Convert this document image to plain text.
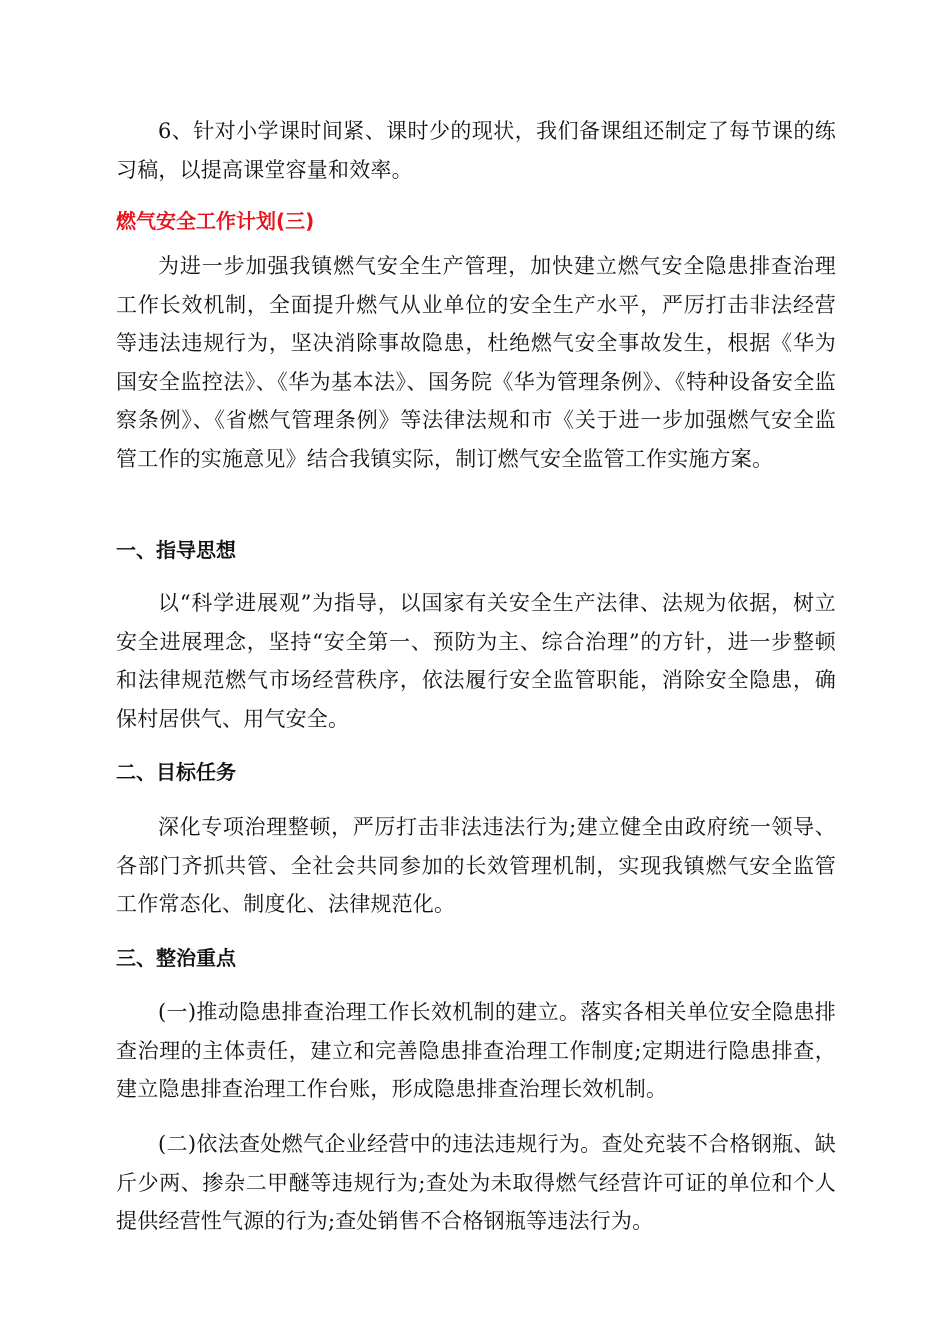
6、针对小学课时间紧、课时少的现状，我们备课组还制定了每节课的练习稿，以提高课堂容量和效率。

燃气安全工作计划(三)

为进一步加强我镇燃气安全生产管理，加快建立燃气安全隐患排查治理工作长效机制，全面提升燃气从业单位的安全生产水平，严厉打击非法经营等违法违规行为，坚决消除事故隐患，杜绝燃气安全事故发生，根据《华为国安全监控法》、《华为基本法》、国务院《华为管理条例》、《特种设备安全监察条例》、《省燃气管理条例》等法律法规和市《关于进一步加强燃气安全监管工作的实施意见》结合我镇实际，制订燃气安全监管工作实施方案。

一、指导思想

以“科学进展观”为指导，以国家有关安全生产法律、法规为依据，树立安全进展理念，坚持“安全第一、预防为主、综合治理”的方针，进一步整顿和法律规范燃气市场经营秩序，依法履行安全监管职能，消除安全隐患，确保村居供气、用气安全。

二、目标任务

深化专项治理整顿，严厉打击非法违法行为;建立健全由政府统一领导、各部门齐抓共管、全社会共同参加的长效管理机制，实现我镇燃气安全监管工作常态化、制度化、法律规范化。

三、整治重点

(一)推动隐患排查治理工作长效机制的建立。落实各相关单位安全隐患排查治理的主体责任，建立和完善隐患排查治理工作制度;定期进行隐患排查，建立隐患排查治理工作台账，形成隐患排查治理长效机制。

(二)依法查处燃气企业经营中的违法违规行为。查处充装不合格钢瓶、缺斤少两、掺杂二甲醚等违规行为;查处为未取得燃气经营许可证的单位和个人提供经营性气源的行为;查处销售不合格钢瓶等违法行为。
